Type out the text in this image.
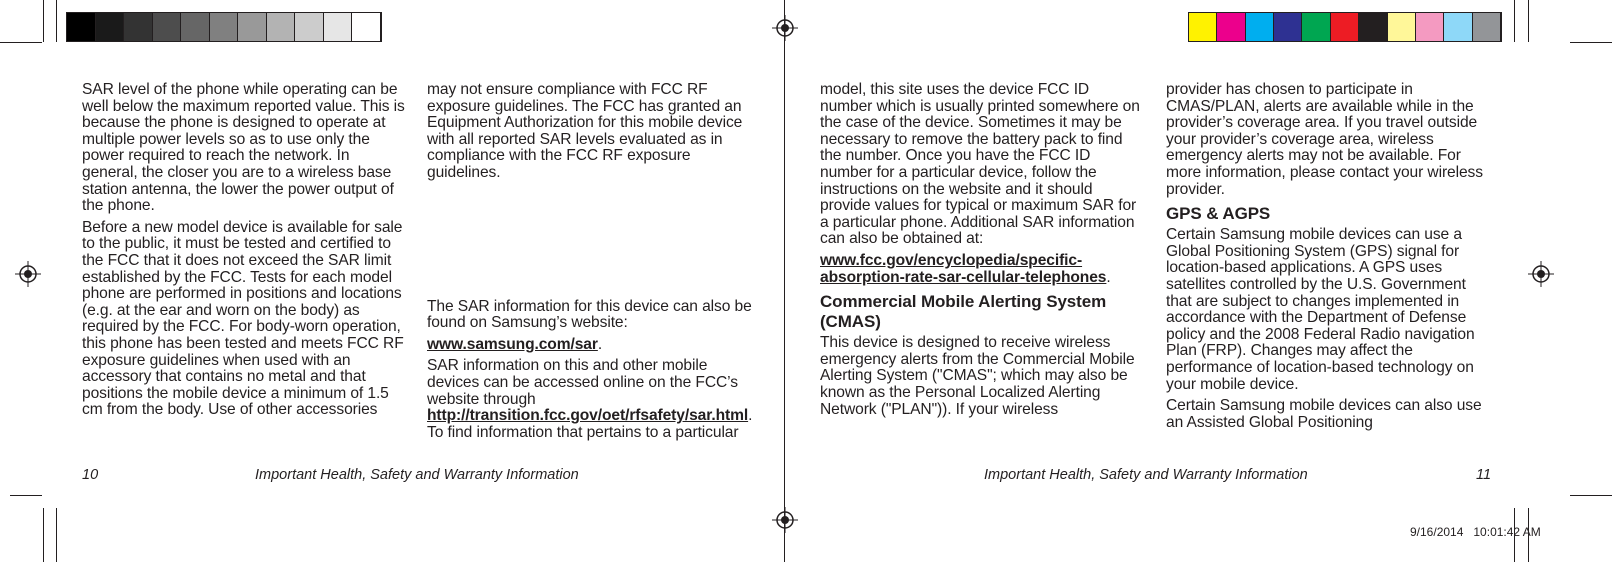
SAR level of the phone while operating can be well below the maximum reported value. This is because the phone is designed to operate at multiple power levels so as to use only the power required to reach the network. In general, the closer you are to a wireless base station antenna, the lower the power output of the phone.

Before a new model device is available for sale to the public, it must be tested and certified to the FCC that it does not exceed the SAR limit established by the FCC. Tests for each model phone are performed in positions and locations (e.g. at the ear and worn on the body) as required by the FCC. For body-worn operation, this phone has been tested and meets FCC RF exposure guidelines when used with an accessory that contains no metal and that positions the mobile device a minimum of 1.5 cm from the body. Use of other accessories

may not ensure compliance with FCC RF exposure guidelines. The FCC has granted an Equipment Authorization for this mobile device with all reported SAR levels evaluated as in compliance with the FCC RF exposure guidelines.

The SAR information for this device can also be found on Samsung’s website:

www.samsung.com/sar.

SAR information on this and other mobile devices can be accessed online on the FCC’s website through http://transition.fcc.gov/oet/rfsafety/sar.html. To find information that pertains to a particular

10	Important Health, Safety and Warranty Information

model, this site uses the device FCC ID number which is usually printed somewhere on the case of the device. Sometimes it may be necessary to remove the battery pack to find the number. Once you have the FCC ID number for a particular device, follow the instructions on the website and it should provide values for typical or maximum SAR for a particular phone. Additional SAR information can also be obtained at:

www.fcc.gov/encyclopedia/specific-absorption-rate-sar-cellular-telephones.

Commercial Mobile Alerting System (CMAS)

This device is designed to receive wireless emergency alerts from the Commercial Mobile Alerting System ("CMAS"; which may also be known as the Personal Localized Alerting Network ("PLAN")). If your wireless

provider has chosen to participate in CMAS/PLAN, alerts are available while in the provider’s coverage area. If you travel outside your provider’s coverage area, wireless emergency alerts may not be available. For more information, please contact your wireless provider.

GPS & AGPS

Certain Samsung mobile devices can use a Global Positioning System (GPS) signal for location-based applications. A GPS uses satellites controlled by the U.S. Government that are subject to changes implemented in accordance with the Department of Defense policy and the 2008 Federal Radio navigation Plan (FRP). Changes may affect the performance of location-based technology on your mobile device.

Certain Samsung mobile devices can also use an Assisted Global Positioning

Important Health, Safety and Warranty Information	11
9/16/2014   10:01:42 AM
